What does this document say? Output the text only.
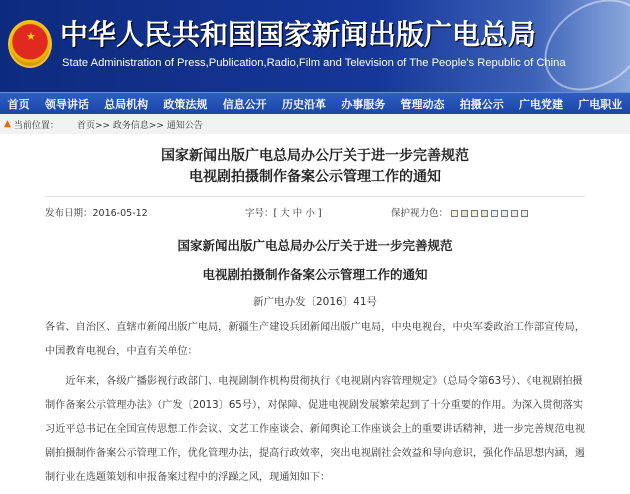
★ 中华人民共和国国家新闻出版广电总局
State Administration of Press,Publication,Radio,Film and Television of The People's Republic of China
首页 领导讲话 总局机构 政策法规 信息公开 历史沿革 办事服务 管理动态 拍摄公示 广电党建 广电职业
▲ 当前位置： 首页>> 政务信息>> 通知公告
国家新闻出版广电总局办公厅关于进一步完善规范
电视剧拍摄制作备案公示管理工作的通知
发布日期：2016-05-12	字号：[ 大 中 小 ]	保护视力色：
国家新闻出版广电总局办公厅关于进一步完善规范
电视剧拍摄制作备案公示管理工作的通知
新广电办发〔2016〕41号

各省、自治区、直辖市新闻出版广电局，新疆生产建设兵团新闻出版广电局，中央电视台，中央军委政治工作部宣传局，中国教育电视台，中直有关单位：

近年来，各级广播影视行政部门、电视剧制作机构贯彻执行《电视剧内容管理规定》（总局令第63号）、《电视剧拍摄制作备案公示管理办法》（广发〔2013〕65号），对保障、促进电视剧发展繁荣起到了十分重要的作用。为深入贯彻落实习近平总书记在全国宣传思想工作会议、文艺工作座谈会、新闻舆论工作座谈会上的重要讲话精神，进一步完善规范电视剧拍摄制作备案公示管理工作，优化管理办法，提高行政效率，突出电视剧社会效益和导向意识，强化作品思想内涵，遏制行业在选题策划和申报备案过程中的浮躁之风，现通知如下：
